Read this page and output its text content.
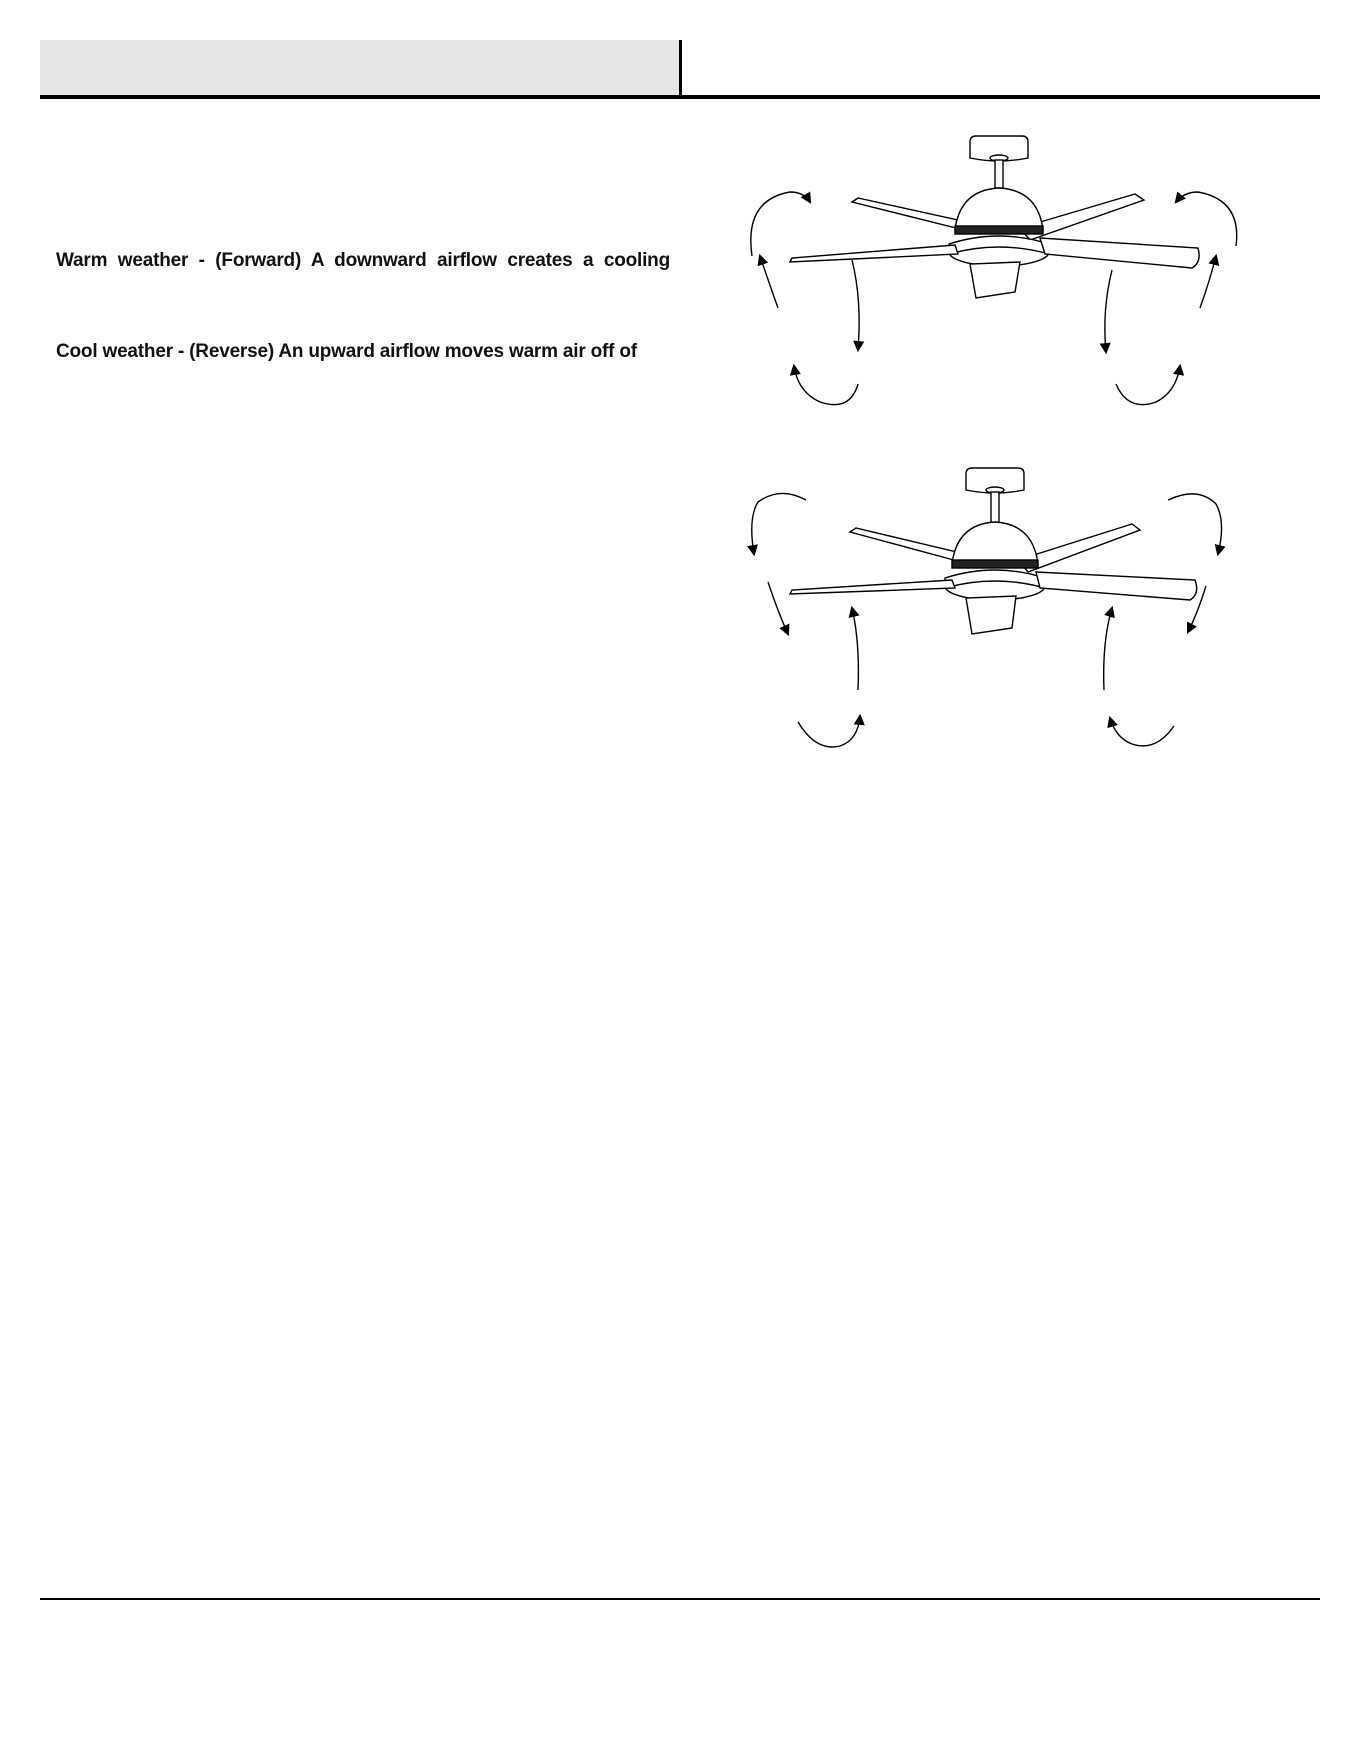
Warm weather - (Forward) A downward airflow creates a cooling

Cool weather - (Reverse) An upward airflow moves warm air off of
